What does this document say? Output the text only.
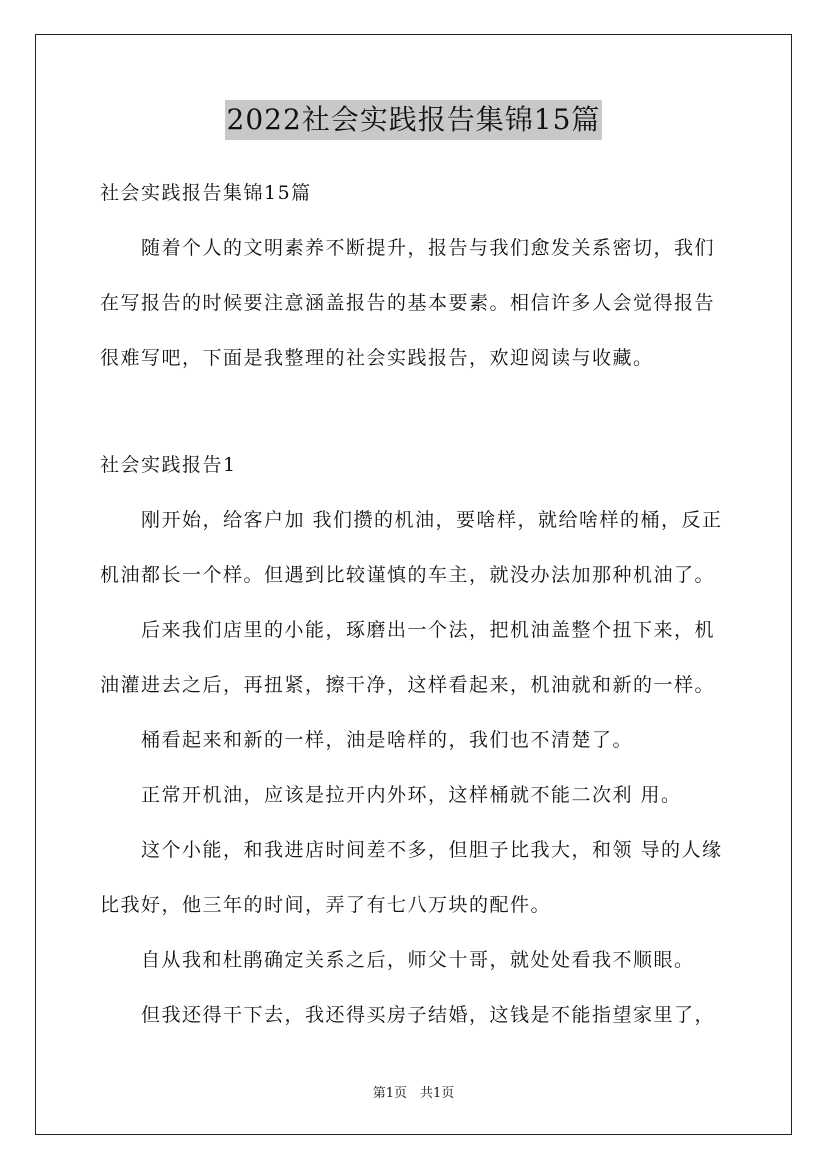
2022社会实践报告集锦15篇
社会实践报告集锦15篇
　　随着个人的文明素养不断提升，报告与我们愈发关系密切，我们
在写报告的时候要注意涵盖报告的基本要素。相信许多人会觉得报告
很难写吧，下面是我整理的社会实践报告，欢迎阅读与收藏。
社会实践报告1
　　刚开始，给客户加 我们攒的机油，要啥样，就给啥样的桶，反正
机油都长一个样。但遇到比较谨慎的车主，就没办法加那种机油了。
　　后来我们店里的小能，琢磨出一个法，把机油盖整个扭下来，机
油灌进去之后，再扭紧，擦干净，这样看起来，机油就和新的一样。
　　桶看起来和新的一样，油是啥样的，我们也不清楚了。
　　正常开机油，应该是拉开内外环，这样桶就不能二次利 用。
　　这个小能，和我进店时间差不多，但胆子比我大，和领 导的人缘
比我好，他三年的时间，弄了有七八万块的配件。
　　自从我和杜鹃确定关系之后，师父十哥，就处处看我不顺眼。
　　但我还得干下去，我还得买房子结婚，这钱是不能指望家里了，
第1页　共1页
